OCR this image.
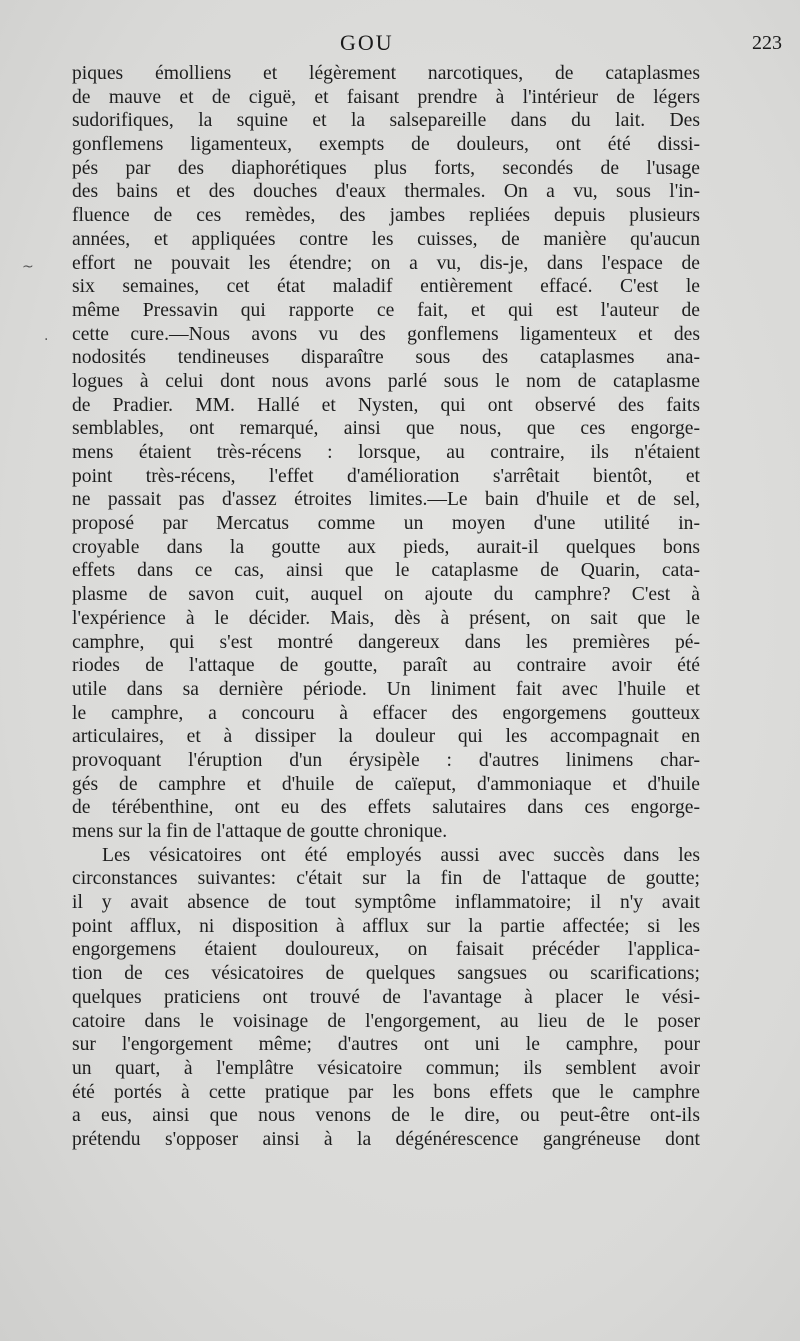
GOU	223
~
·
piques émolliens et légèrement narcotiques, de cataplasmes
de mauve et de ciguë, et faisant prendre à l'intérieur de légers
sudorifiques, la squine et la salsepareille dans du lait. Des
gonflemens ligamenteux, exempts de douleurs, ont été dissi-
pés par des diaphorétiques plus forts, secondés de l'usage
des bains et des douches d'eaux thermales. On a vu, sous l'in-
fluence de ces remèdes, des jambes repliées depuis plusieurs
années, et appliquées contre les cuisses, de manière qu'aucun
effort ne pouvait les étendre; on a vu, dis-je, dans l'espace de
six semaines, cet état maladif entièrement effacé. C'est le
même Pressavin qui rapporte ce fait, et qui est l'auteur de
cette cure.—Nous avons vu des gonflemens ligamenteux et des
nodosités tendineuses disparaître sous des cataplasmes ana-
logues à celui dont nous avons parlé sous le nom de cataplasme
de Pradier. MM. Hallé et Nysten, qui ont observé des faits
semblables, ont remarqué, ainsi que nous, que ces engorge-
mens étaient très-récens : lorsque, au contraire, ils n'étaient
point très-récens, l'effet d'amélioration s'arrêtait bientôt, et
ne passait pas d'assez étroites limites.—Le bain d'huile et de sel,
proposé par Mercatus comme un moyen d'une utilité in-
croyable dans la goutte aux pieds, aurait-il quelques bons
effets dans ce cas, ainsi que le cataplasme de Quarin, cata-
plasme de savon cuit, auquel on ajoute du camphre? C'est à
l'expérience à le décider. Mais, dès à présent, on sait que le
camphre, qui s'est montré dangereux dans les premières pé-
riodes de l'attaque de goutte, paraît au contraire avoir été
utile dans sa dernière période. Un liniment fait avec l'huile et
le camphre, a concouru à effacer des engorgemens goutteux
articulaires, et à dissiper la douleur qui les accompagnait en
provoquant l'éruption d'un érysipèle : d'autres linimens char-
gés de camphre et d'huile de caïeput, d'ammoniaque et d'huile
de térébenthine, ont eu des effets salutaires dans ces engorge-
mens sur la fin de l'attaque de goutte chronique.
Les vésicatoires ont été employés aussi avec succès dans les
circonstances suivantes: c'était sur la fin de l'attaque de goutte;
il y avait absence de tout symptôme inflammatoire; il n'y avait
point afflux, ni disposition à afflux sur la partie affectée; si les
engorgemens étaient douloureux, on faisait précéder l'applica-
tion de ces vésicatoires de quelques sangsues ou scarifications;
quelques praticiens ont trouvé de l'avantage à placer le vési-
catoire dans le voisinage de l'engorgement, au lieu de le poser
sur l'engorgement même; d'autres ont uni le camphre, pour
un quart, à l'emplâtre vésicatoire commun; ils semblent avoir
été portés à cette pratique par les bons effets que le camphre
a eus, ainsi que nous venons de le dire, ou peut-être ont-ils
prétendu s'opposer ainsi à la dégénérescence gangréneuse dont
